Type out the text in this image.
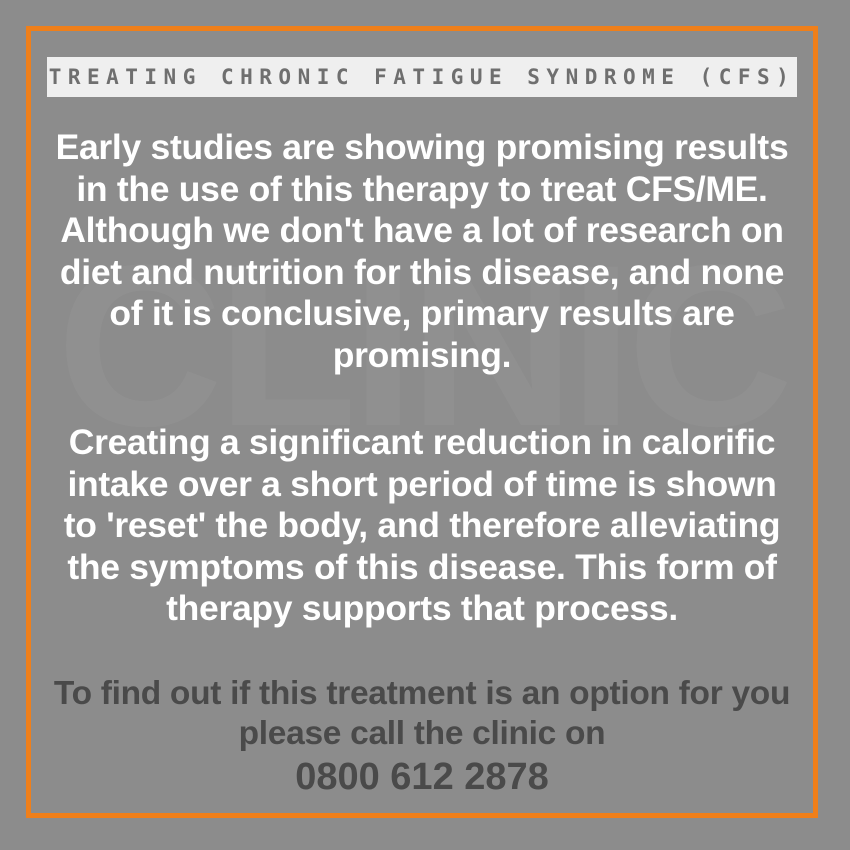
TREATING CHRONIC FATIGUE SYNDROME (CFS)
Early studies are showing promising results in the use of this therapy to treat CFS/ME. Although we don't have a lot of research on diet and nutrition for this disease, and none of it is conclusive, primary results are promising.
Creating a significant reduction in calorific intake over a short period of time is shown to 'reset' the body, and therefore alleviating the symptoms of this disease. This form of therapy supports that process.
To find out if this treatment is an option for you please call the clinic on
0800 612 2878
